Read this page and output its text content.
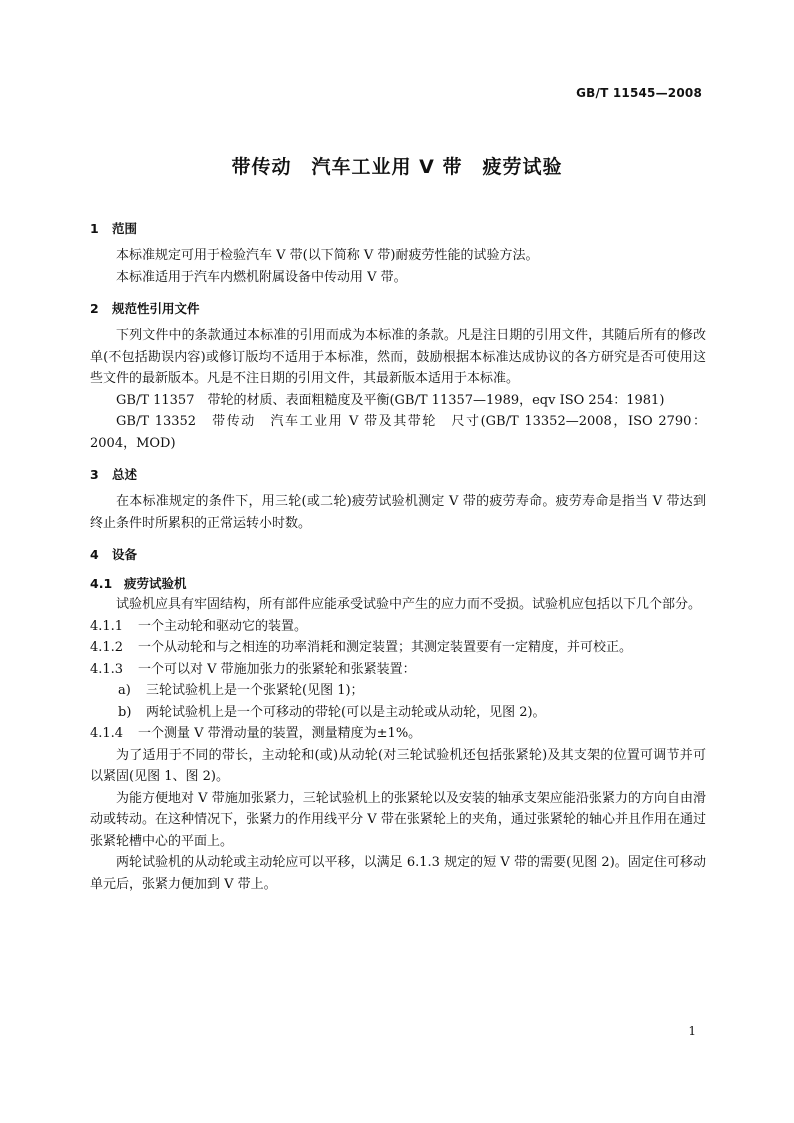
GB/T 11545—2008
带传动　汽车工业用 V 带　疲劳试验
1 范围

本标准规定可用于检验汽车 V 带(以下简称 V 带)耐疲劳性能的试验方法。

本标准适用于汽车内燃机附属设备中传动用 V 带。

2 规范性引用文件

下列文件中的条款通过本标准的引用而成为本标准的条款。凡是注日期的引用文件，其随后所有的修改单(不包括勘误内容)或修订版均不适用于本标准，然而，鼓励根据本标准达成协议的各方研究是否可使用这些文件的最新版本。凡是不注日期的引用文件，其最新版本适用于本标准。

GB/T 11357　带轮的材质、表面粗糙度及平衡(GB/T 11357—1989，eqv ISO 254：1981)

GB/T 13352　带传动　汽车工业用 V 带及其带轮　尺寸(GB/T 13352—2008，ISO 2790：2004，MOD)

3 总述

在本标准规定的条件下，用三轮(或二轮)疲劳试验机测定 V 带的疲劳寿命。疲劳寿命是指当 V 带达到终止条件时所累积的正常运转小时数。

4 设备
4.1 疲劳试验机

试验机应具有牢固结构，所有部件应能承受试验中产生的应力而不受损。试验机应包括以下几个部分。

4.1.1 一个主动轮和驱动它的装置。

4.1.2 一个从动轮和与之相连的功率消耗和测定装置；其测定装置要有一定精度，并可校正。

4.1.3 一个可以对 V 带施加张力的张紧轮和张紧装置：

a) 三轮试验机上是一个张紧轮(见图 1)；

b) 两轮试验机上是一个可移动的带轮(可以是主动轮或从动轮，见图 2)。

4.1.4 一个测量 V 带滑动量的装置，测量精度为±1%。

为了适用于不同的带长，主动轮和(或)从动轮(对三轮试验机还包括张紧轮)及其支架的位置可调节并可以紧固(见图 1、图 2)。

为能方便地对 V 带施加张紧力，三轮试验机上的张紧轮以及安装的轴承支架应能沿张紧力的方向自由滑动或转动。在这种情况下，张紧力的作用线平分 V 带在张紧轮上的夹角，通过张紧轮的轴心并且作用在通过张紧轮槽中心的平面上。

两轮试验机的从动轮或主动轮应可以平移，以满足 6.1.3 规定的短 V 带的需要(见图 2)。固定住可移动单元后，张紧力便加到 V 带上。

1
